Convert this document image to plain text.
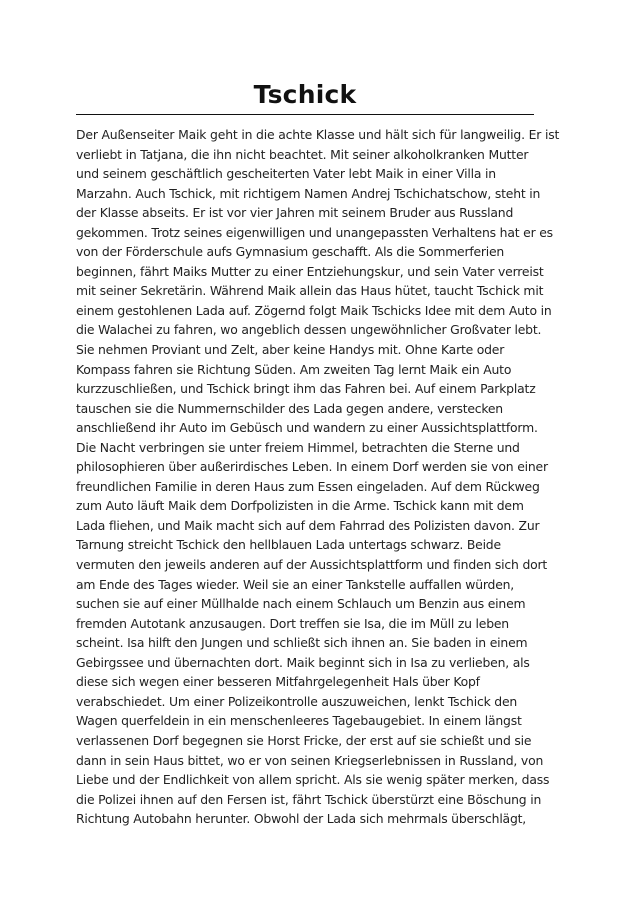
Tschick
Der Außenseiter Maik geht in die achte Klasse und hält sich für langweilig. Er ist
verliebt in Tatjana, die ihn nicht beachtet. Mit seiner alkoholkranken Mutter
und seinem geschäftlich gescheiterten Vater lebt Maik in einer Villa in
Marzahn. Auch Tschick, mit richtigem Namen Andrej Tschichatschow, steht in
der Klasse abseits. Er ist vor vier Jahren mit seinem Bruder aus Russland
gekommen. Trotz seines eigenwilligen und unangepassten Verhaltens hat er es
von der Förderschule aufs Gymnasium geschafft. Als die Sommerferien
beginnen, fährt Maiks Mutter zu einer Entziehungskur, und sein Vater verreist
mit seiner Sekretärin. Während Maik allein das Haus hütet, taucht Tschick mit
einem gestohlenen Lada auf. Zögernd folgt Maik Tschicks Idee mit dem Auto in
die Walachei zu fahren, wo angeblich dessen ungewöhnlicher Großvater lebt.
Sie nehmen Proviant und Zelt, aber keine Handys mit. Ohne Karte oder
Kompass fahren sie Richtung Süden. Am zweiten Tag lernt Maik ein Auto
kurzzuschließen, und Tschick bringt ihm das Fahren bei. Auf einem Parkplatz
tauschen sie die Nummernschilder des Lada gegen andere, verstecken
anschließend ihr Auto im Gebüsch und wandern zu einer Aussichtsplattform.
Die Nacht verbringen sie unter freiem Himmel, betrachten die Sterne und
philosophieren über außerirdisches Leben. In einem Dorf werden sie von einer
freundlichen Familie in deren Haus zum Essen eingeladen. Auf dem Rückweg
zum Auto läuft Maik dem Dorfpolizisten in die Arme. Tschick kann mit dem
Lada fliehen, und Maik macht sich auf dem Fahrrad des Polizisten davon. Zur
Tarnung streicht Tschick den hellblauen Lada untertags schwarz. Beide
vermuten den jeweils anderen auf der Aussichtsplattform und finden sich dort
am Ende des Tages wieder. Weil sie an einer Tankstelle auffallen würden,
suchen sie auf einer Müllhalde nach einem Schlauch um Benzin aus einem
fremden Autotank anzusaugen. Dort treffen sie Isa, die im Müll zu leben
scheint. Isa hilft den Jungen und schließt sich ihnen an. Sie baden in einem
Gebirgssee und übernachten dort. Maik beginnt sich in Isa zu verlieben, als
diese sich wegen einer besseren Mitfahrgelegenheit Hals über Kopf
verabschiedet. Um einer Polizeikontrolle auszuweichen, lenkt Tschick den
Wagen querfeldein in ein menschenleeres Tagebaugebiet. In einem längst
verlassenen Dorf begegnen sie Horst Fricke, der erst auf sie schießt und sie
dann in sein Haus bittet, wo er von seinen Kriegserlebnissen in Russland, von
Liebe und der Endlichkeit von allem spricht. Als sie wenig später merken, dass
die Polizei ihnen auf den Fersen ist, fährt Tschick überstürzt eine Böschung in
Richtung Autobahn herunter. Obwohl der Lada sich mehrmals überschlägt,
